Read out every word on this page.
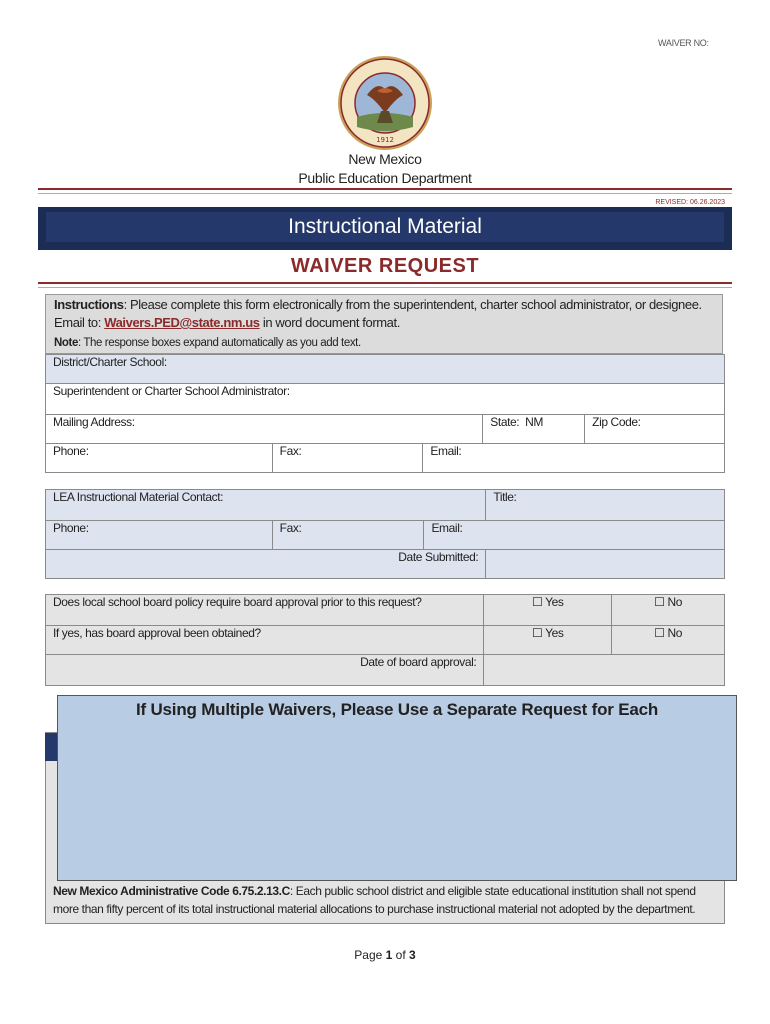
WAIVER NO:
1912
New Mexico
Public Education Department
REVISED: 06.26.2023
Instructional Material
WAIVER REQUEST

Instructions: Please complete this form electronically from the superintendent, charter school administrator, or designee. Email to: Waivers.PED@state.nm.us in word document format.

Note: The response boxes expand automatically as you add text.

District/Charter School:				
Superintendent or Charter School Administrator:				
Mailing Address:			State: NM	Zip Code:
Phone:	Fax:	Email:		
LEA Instructional Material Contact:			Title:
Phone:	Fax:	Email:	
Date Submitted:			
Does local school board policy require board approval prior to this request?	☐ Yes	☐ No
If yes, has board approval been obtained?	☐ Yes	☐ No
Date of board approval:		
New Mexico Administrative Code 6.75.2.13.C: Each public school district and eligible state educational institution shall not spend more than fifty percent of its total instructional material allocations to purchase instructional material not adopted by the department.
If Using Multiple Waivers, Please Use a Separate Request for Each
Page 1 of 3
